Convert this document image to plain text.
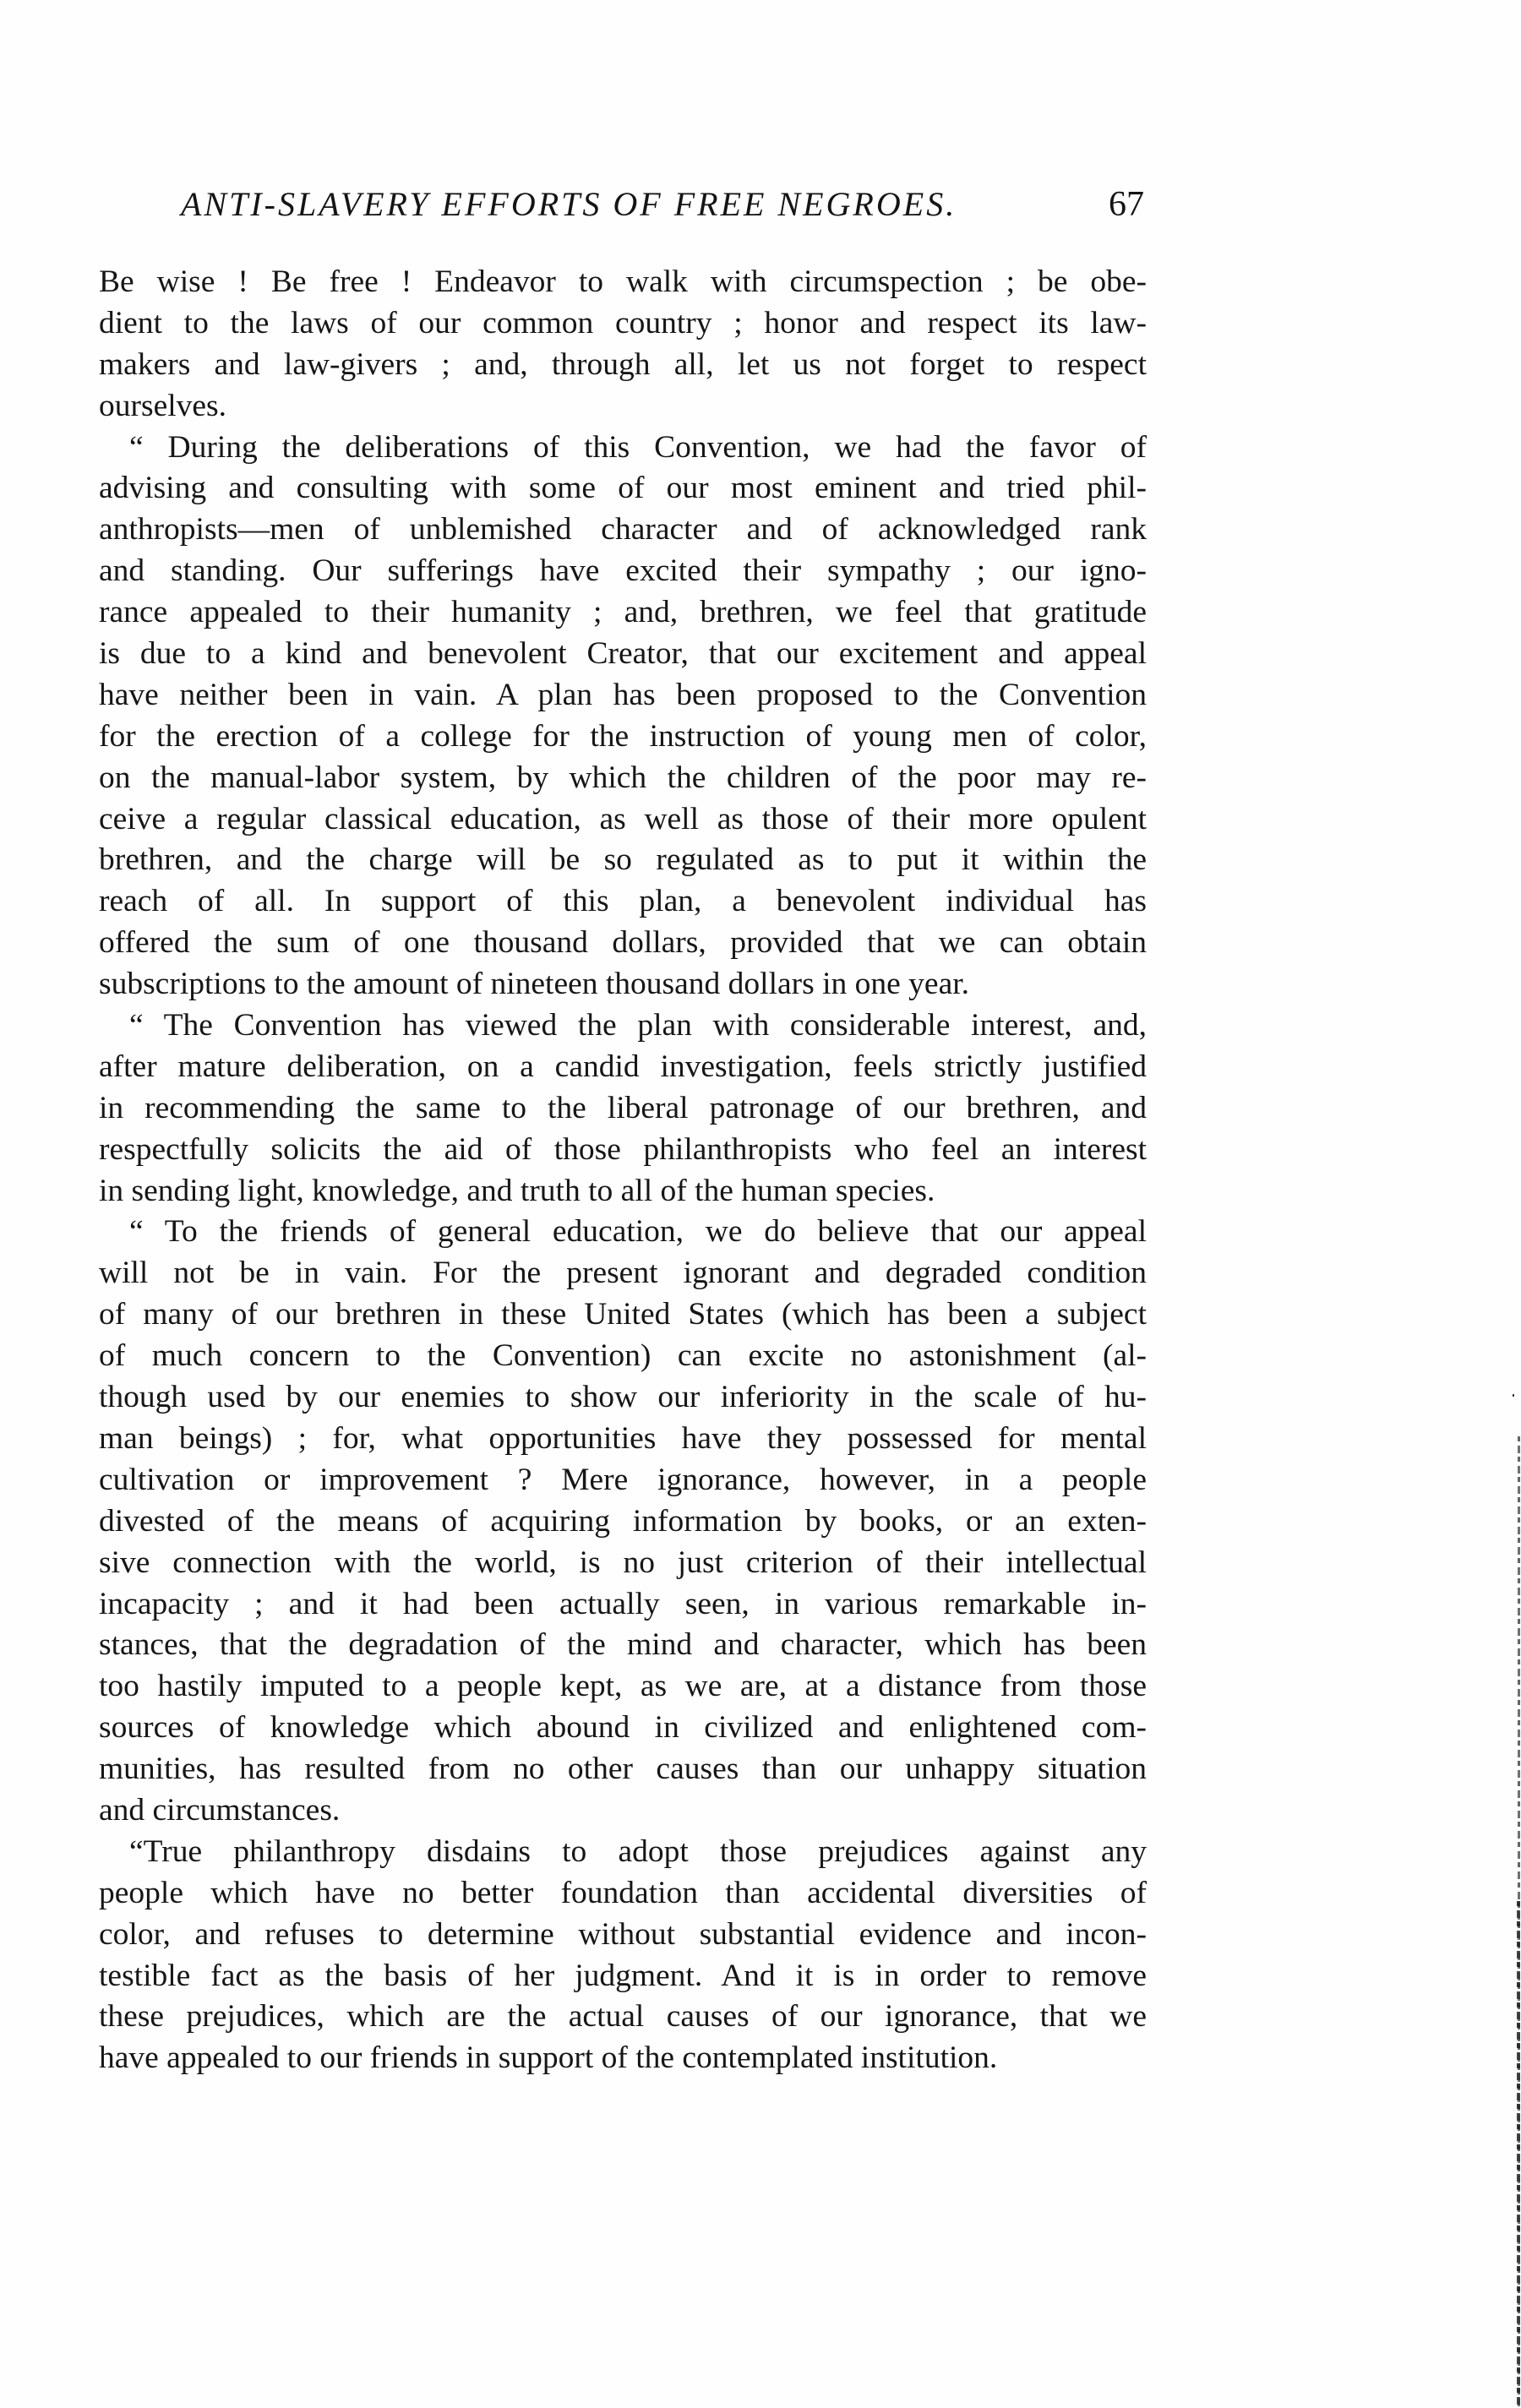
ANTI-SLAVERY EFFORTS OF FREE NEGROES.	67
Be wise ! Be free ! Endeavor to walk with circumspection ; be obe-
dient to the laws of our common country ; honor and respect its law-
makers and law-givers ; and, through all, let us not forget to respect
ourselves.
“ During the deliberations of this Convention, we had the favor of
advising and consulting with some of our most eminent and tried phil-
anthropists—men of unblemished character and of acknowledged rank
and standing. Our sufferings have excited their sympathy ; our igno-
rance appealed to their humanity ; and, brethren, we feel that gratitude
is due to a kind and benevolent Creator, that our excitement and appeal
have neither been in vain. A plan has been proposed to the Convention
for the erection of a college for the instruction of young men of color,
on the manual-labor system, by which the children of the poor may re-
ceive a regular classical education, as well as those of their more opulent
brethren, and the charge will be so regulated as to put it within the
reach of all. In support of this plan, a benevolent individual has
offered the sum of one thousand dollars, provided that we can obtain
subscriptions to the amount of nineteen thousand dollars in one year.
“ The Convention has viewed the plan with considerable interest, and,
after mature deliberation, on a candid investigation, feels strictly justified
in recommending the same to the liberal patronage of our brethren, and
respectfully solicits the aid of those philanthropists who feel an interest
in sending light, knowledge, and truth to all of the human species.
“ To the friends of general education, we do believe that our appeal
will not be in vain. For the present ignorant and degraded condition
of many of our brethren in these United States (which has been a subject
of much concern to the Convention) can excite no astonishment (al-
though used by our enemies to show our inferiority in the scale of hu-
man beings) ; for, what opportunities have they possessed for mental
cultivation or improvement ? Mere ignorance, however, in a people
divested of the means of acquiring information by books, or an exten-
sive connection with the world, is no just criterion of their intellectual
incapacity ; and it had been actually seen, in various remarkable in-
stances, that the degradation of the mind and character, which has been
too hastily imputed to a people kept, as we are, at a distance from those
sources of knowledge which abound in civilized and enlightened com-
munities, has resulted from no other causes than our unhappy situation
and circumstances.
“True philanthropy disdains to adopt those prejudices against any
people which have no better foundation than accidental diversities of
color, and refuses to determine without substantial evidence and incon-
testible fact as the basis of her judgment. And it is in order to remove
these prejudices, which are the actual causes of our ignorance, that we
have appealed to our friends in support of the contemplated institution.
